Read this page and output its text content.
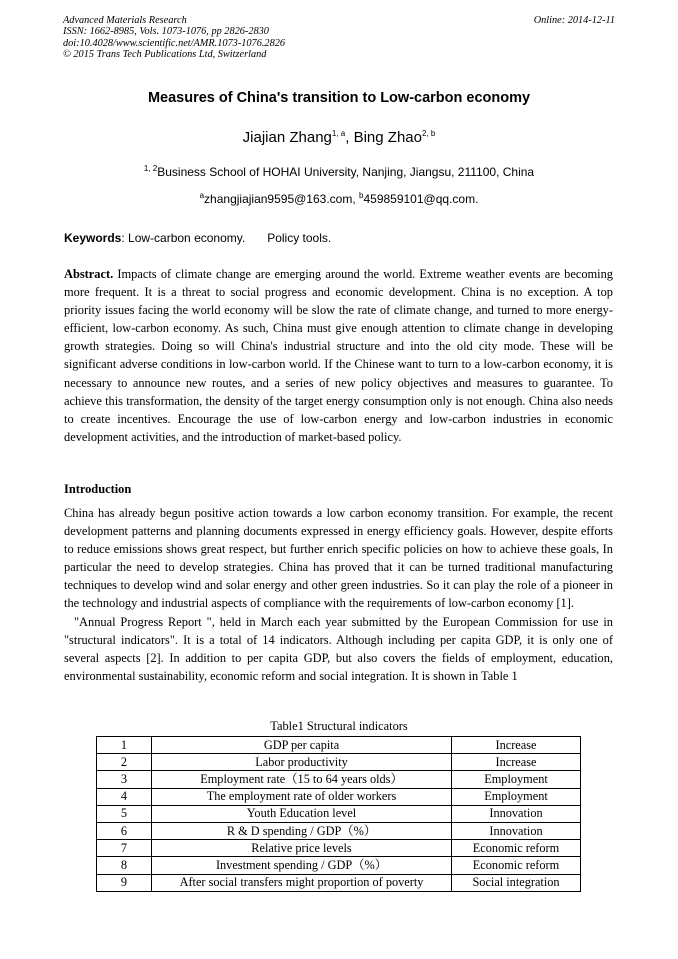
Advanced Materials Research
ISSN: 1662-8985, Vols. 1073-1076, pp 2826-2830
doi:10.4028/www.scientific.net/AMR.1073-1076.2826
© 2015 Trans Tech Publications Ltd, Switzerland
Online: 2014-12-11
Measures of China's transition to Low-carbon economy
Jiajian Zhang$^{1, a}$, Bing Zhao$^{2, b}$
$^{1, 2}$Business School of HOHAI University, Nanjing, Jiangsu, 211100, China
$^a$zhangjiajian9595@163.com, $^b$459859101@qq.com.
Keywords: Low-carbon economy. Policy tools.

Abstract. Impacts of climate change are emerging around the world. Extreme weather events are becoming more frequent. It is a threat to social progress and economic development. China is no exception. A top priority issues facing the world economy will be slow the rate of climate change, and turned to more energy-efficient, low-carbon economy. As such, China must give enough attention to climate change in developing growth strategies. Doing so will China's industrial structure and into the old city mode. These will be significant adverse conditions in low-carbon world. If the Chinese want to turn to a low-carbon economy, it is necessary to announce new routes, and a series of new policy objectives and measures to guarantee. To achieve this transformation, the density of the target energy consumption only is not enough. China also needs to create incentives. Encourage the use of low-carbon energy and low-carbon industries in economic development activities, and the introduction of market-based policy.

Introduction

China has already begun positive action towards a low carbon economy transition. For example, the recent development patterns and planning documents expressed in energy efficiency goals. However, despite efforts to reduce emissions shows great respect, but further enrich specific policies on how to achieve these goals, In particular the need to develop strategies. China has proved that it can be turned traditional manufacturing techniques to develop wind and solar energy and other green industries. So it can play the role of a pioneer in the technology and industrial aspects of compliance with the requirements of low-carbon economy [1].

"Annual Progress Report ", held in March each year submitted by the European Commission for use in "structural indicators". It is a total of 14 indicators. Although including per capita GDP, it is only one of several aspects [2]. In addition to per capita GDP, but also covers the fields of employment, education, environmental sustainability, economic reform and social integration. It is shown in Table 1

Table1 Structural indicators
1	GDP per capita	Increase
2	Labor productivity	Increase
3	Employment rate（15 to 64 years olds）	Employment
4	The employment rate of older workers	Employment
5	Youth Education level	Innovation
6	R & D spending / GDP（%）	Innovation
7	Relative price levels	Economic reform
8	Investment spending / GDP（%）	Economic reform
9	After social transfers might proportion of poverty	Social integration
